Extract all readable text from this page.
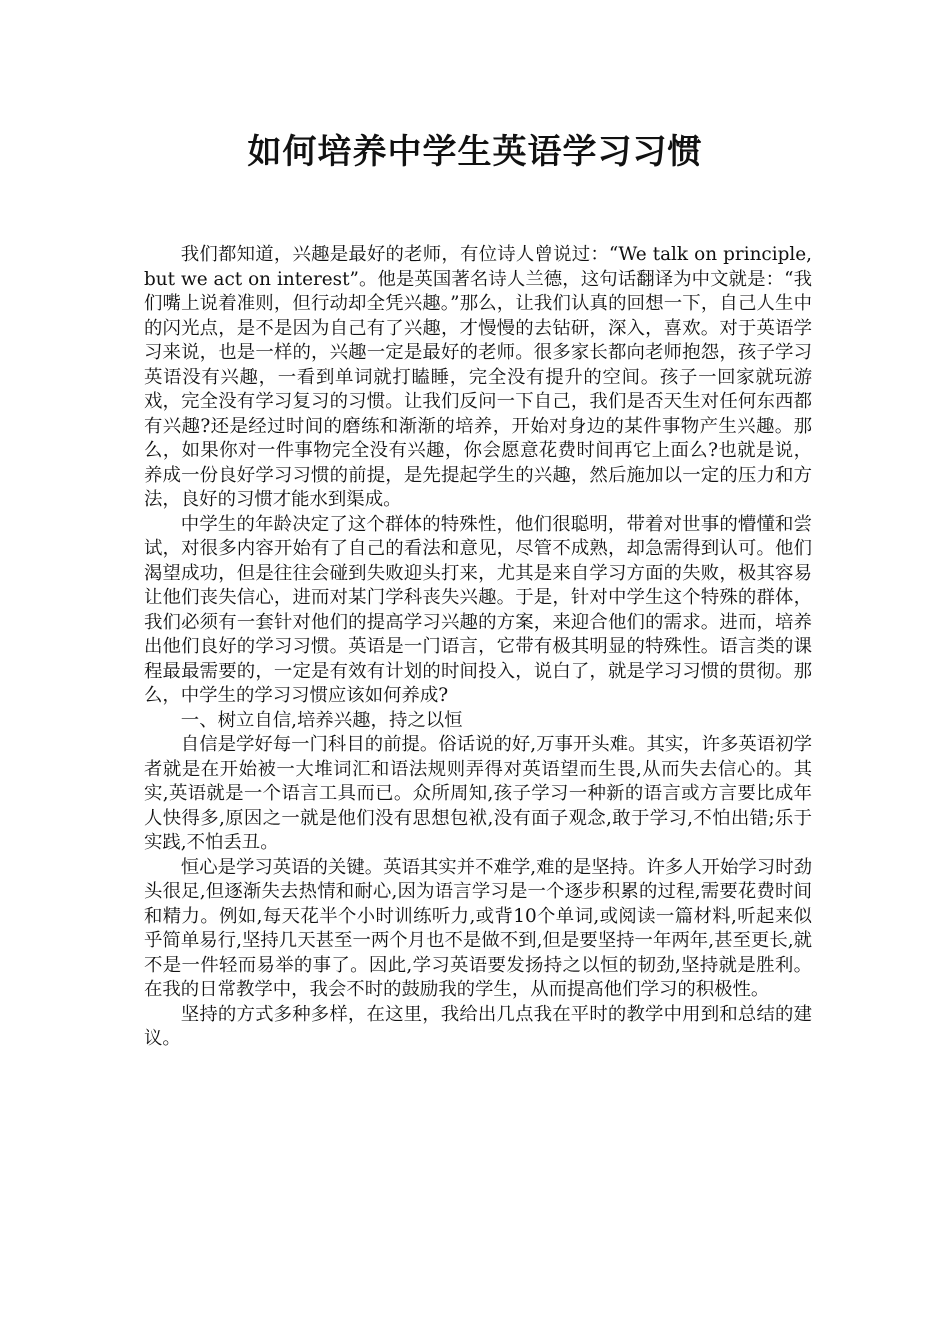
如何培养中学生英语学习习惯

我们都知道，兴趣是最好的老师，有位诗人曾说过：“We talk on principle, but we act on interest”。他是英国著名诗人兰德，这句话翻译为中文就是：“我们嘴上说着准则，但行动却全凭兴趣。”那么，让我们认真的回想一下，自己人生中的闪光点，是不是因为自己有了兴趣，才慢慢的去钻研，深入，喜欢。对于英语学习来说，也是一样的，兴趣一定是最好的老师。很多家长都向老师抱怨，孩子学习英语没有兴趣，一看到单词就打瞌睡，完全没有提升的空间。孩子一回家就玩游戏，完全没有学习复习的习惯。让我们反问一下自己，我们是否天生对任何东西都有兴趣?还是经过时间的磨练和渐渐的培养，开始对身边的某件事物产生兴趣。那么，如果你对一件事物完全没有兴趣，你会愿意花费时间再它上面么?也就是说，养成一份良好学习习惯的前提，是先提起学生的兴趣，然后施加以一定的压力和方法，良好的习惯才能水到渠成。

中学生的年龄决定了这个群体的特殊性，他们很聪明，带着对世事的懵懂和尝试，对很多内容开始有了自己的看法和意见，尽管不成熟，却急需得到认可。他们渴望成功，但是往往会碰到失败迎头打来，尤其是来自学习方面的失败，极其容易让他们丧失信心，进而对某门学科丧失兴趣。于是，针对中学生这个特殊的群体，我们必须有一套针对他们的提高学习兴趣的方案，来迎合他们的需求。进而，培养出他们良好的学习习惯。英语是一门语言，它带有极其明显的特殊性。语言类的课程最最需要的，一定是有效有计划的时间投入，说白了，就是学习习惯的贯彻。那么，中学生的学习习惯应该如何养成?

一、树立自信,培养兴趣，持之以恒

自信是学好每一门科目的前提。俗话说的好,万事开头难。其实，许多英语初学者就是在开始被一大堆词汇和语法规则弄得对英语望而生畏,从而失去信心的。其实,英语就是一个语言工具而已。众所周知,孩子学习一种新的语言或方言要比成年人快得多,原因之一就是他们没有思想包袱,没有面子观念,敢于学习,不怕出错;乐于实践,不怕丢丑。

恒心是学习英语的关键。英语其实并不难学,难的是坚持。许多人开始学习时劲头很足,但逐渐失去热情和耐心,因为语言学习是一个逐步积累的过程,需要花费时间和精力。例如,每天花半个小时训练听力,或背10个单词,或阅读一篇材料,听起来似乎简单易行,坚持几天甚至一两个月也不是做不到,但是要坚持一年两年,甚至更长,就不是一件轻而易举的事了。因此,学习英语要发扬持之以恒的韧劲,坚持就是胜利。在我的日常教学中，我会不时的鼓励我的学生，从而提高他们学习的积极性。

坚持的方式多种多样，在这里，我给出几点我在平时的教学中用到和总结的建议。
